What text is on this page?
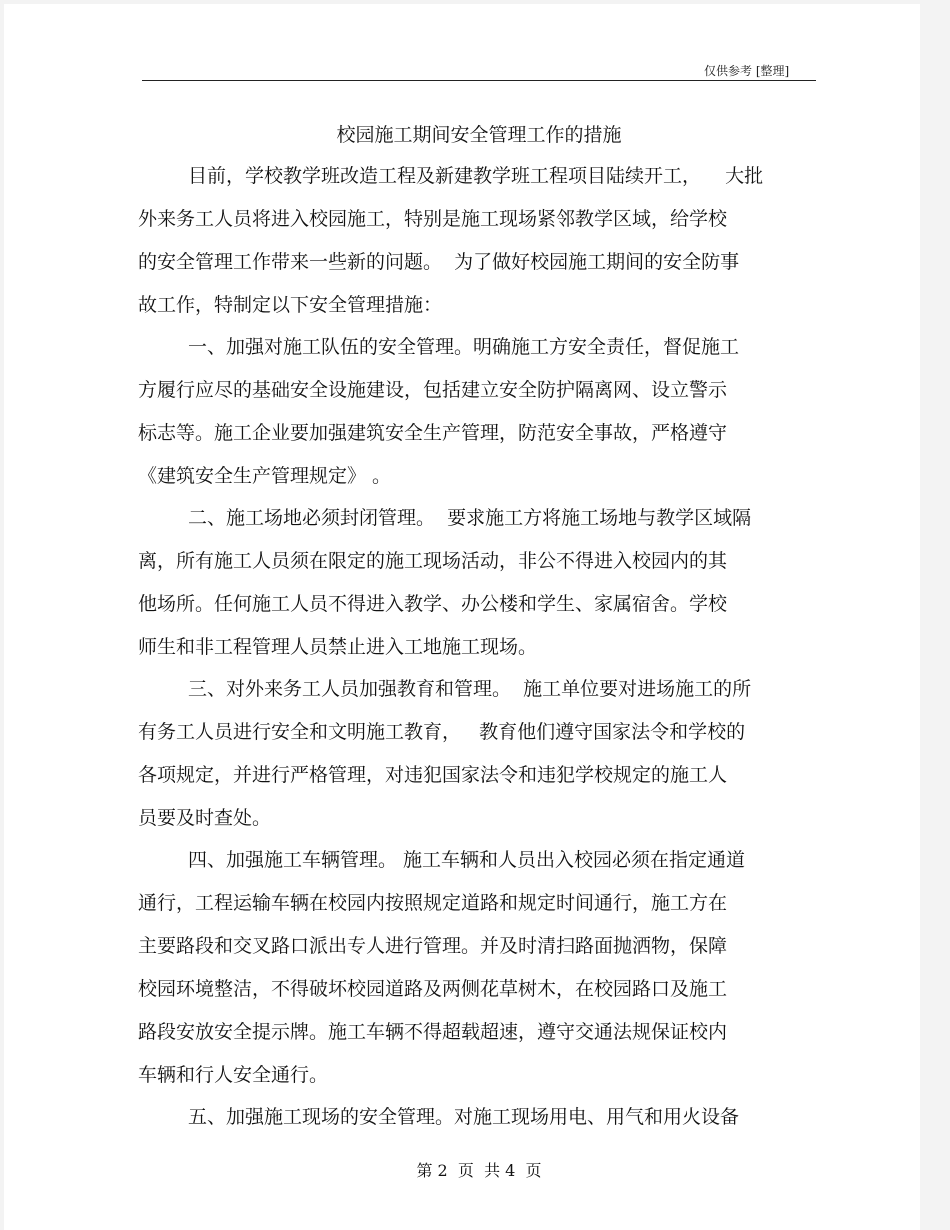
仅供参考 [整理]
校园施工期间安全管理工作的措施
目前，学校教学班改造工程及新建教学班工程项目陆续开工，    大批
外来务工人员将进入校园施工，特别是施工现场紧邻教学区域，给学校
的安全管理工作带来一些新的问题。  为了做好校园施工期间的安全防事
故工作，特制定以下安全管理措施：
一、加强对施工队伍的安全管理。明确施工方安全责任，督促施工
方履行应尽的基础安全设施建设，包括建立安全防护隔离网、设立警示
标志等。施工企业要加强建筑安全生产管理，防范安全事故，严格遵守
《建筑安全生产管理规定》 。
二、施工场地必须封闭管理。  要求施工方将施工场地与教学区域隔
离，所有施工人员须在限定的施工现场活动，非公不得进入校园内的其
他场所。任何施工人员不得进入教学、办公楼和学生、家属宿舍。学校
师生和非工程管理人员禁止进入工地施工现场。
三、对外来务工人员加强教育和管理。  施工单位要对进场施工的所
有务工人员进行安全和文明施工教育，   教育他们遵守国家法令和学校的
各项规定，并进行严格管理，对违犯国家法令和违犯学校规定的施工人
员要及时查处。
四、加强施工车辆管理。 施工车辆和人员出入校园必须在指定通道
通行，工程运输车辆在校园内按照规定道路和规定时间通行，施工方在
主要路段和交叉路口派出专人进行管理。并及时清扫路面抛洒物，保障
校园环境整洁，不得破坏校园道路及两侧花草树木，在校园路口及施工
路段安放安全提示牌。施工车辆不得超载超速，遵守交通法规保证校内
车辆和行人安全通行。
五、加强施工现场的安全管理。对施工现场用电、用气和用火设备
第 2  页  共 4  页
